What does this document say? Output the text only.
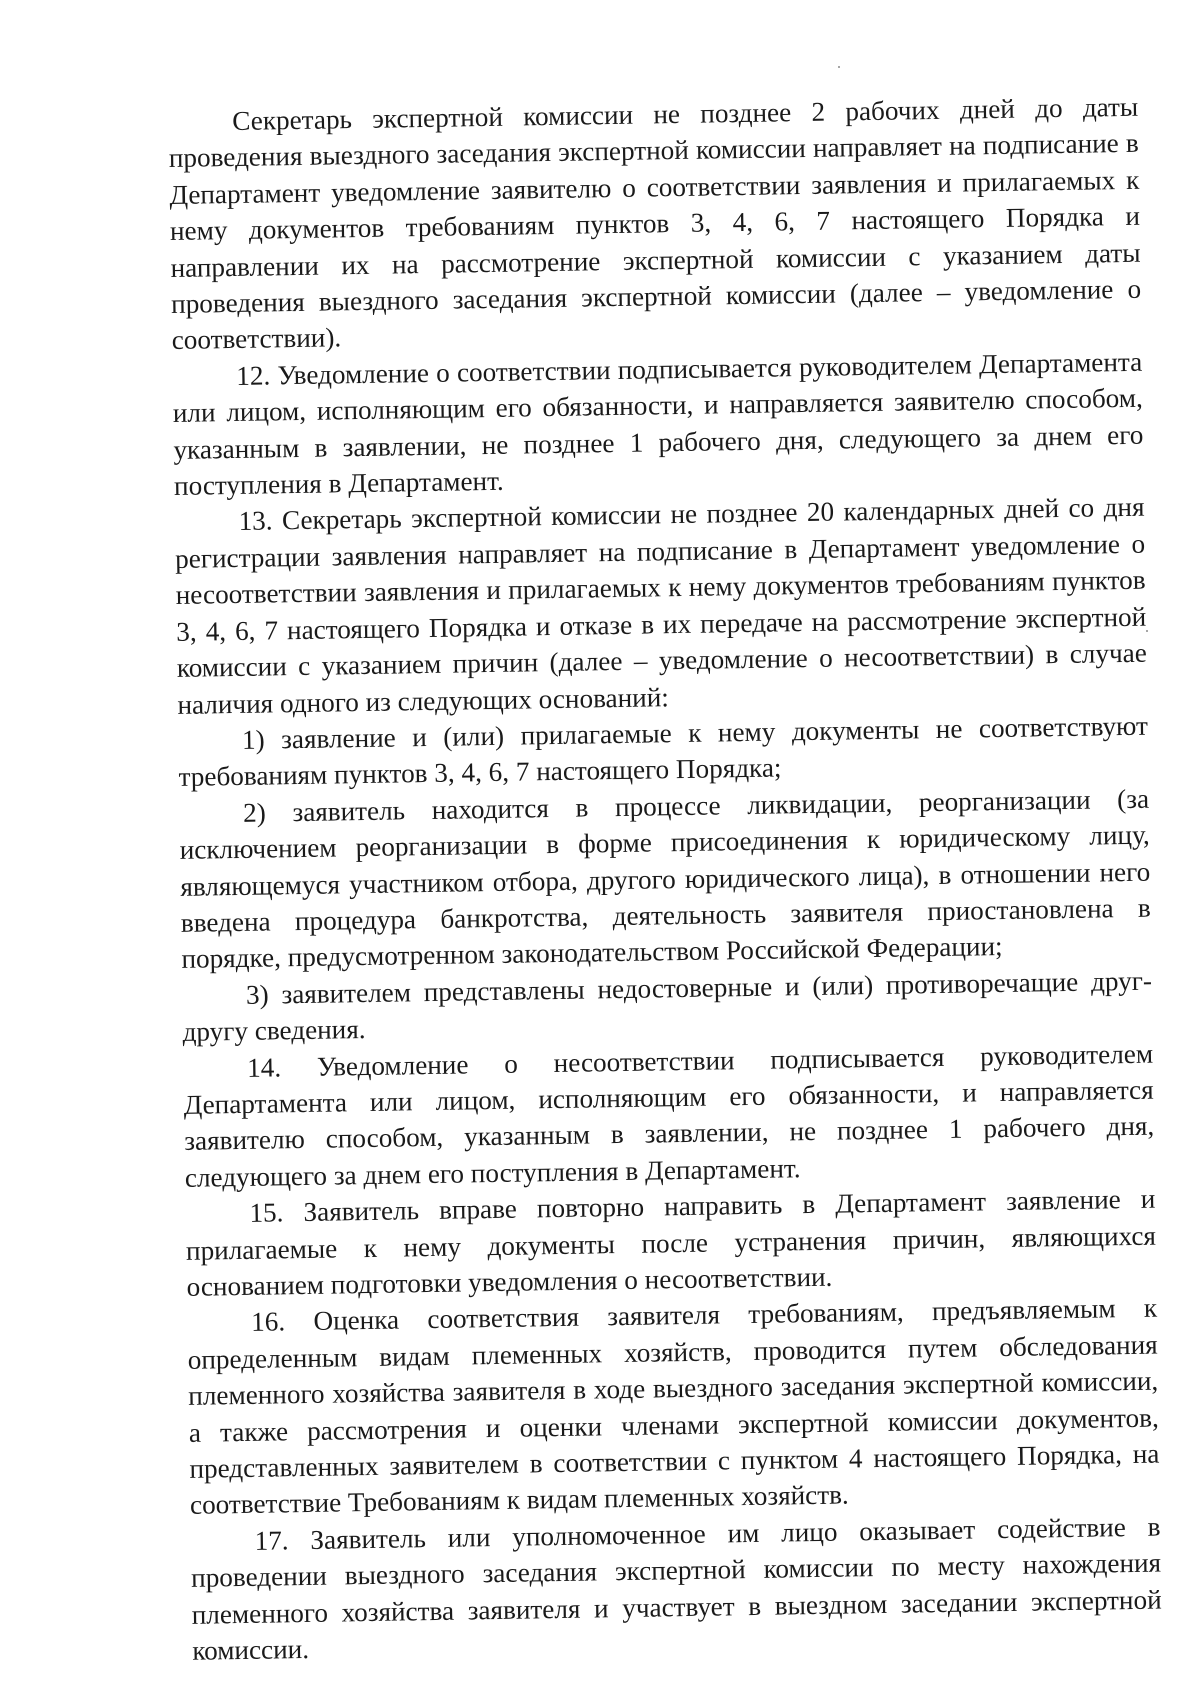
Секретарь экспертной комиссии не позднее 2 рабочих дней до даты проведения выездного заседания экспертной комиссии направляет на подписание в Департамент уведомление заявителю о соответствии заявления и прилагаемых к нему документов требованиям пунктов 3, 4, 6, 7 настоящего Порядка и направлении их на рассмотрение экспертной комиссии с указанием даты проведения выездного заседания экспертной комиссии (далее – уведомление о соответствии).

12. Уведомление о соответствии подписывается руководителем Департамента или лицом, исполняющим его обязанности, и направляется заявителю способом, указанным в заявлении, не позднее 1 рабочего дня, следующего за днем его поступления в Департамент.

13. Секретарь экспертной комиссии не позднее 20 календарных дней со дня регистрации заявления направляет на подписание в Департамент уведомление о несоответствии заявления и прилагаемых к нему документов требованиям пунктов 3, 4, 6, 7 настоящего Порядка и отказе в их передаче на рассмотрение экспертной комиссии с указанием причин (далее – уведомление о несоответствии) в случае наличия одного из следующих оснований:

1) заявление и (или) прилагаемые к нему документы не соответствуют требованиям пунктов 3, 4, 6, 7 настоящего Порядка;

2) заявитель находится в процессе ликвидации, реорганизации (за исключением реорганизации в форме присоединения к юридическому лицу, являющемуся участником отбора, другого юридического лица), в отношении него введена процедура банкротства, деятельность заявителя приостановлена в порядке, предусмотренном законодательством Российской Федерации;

3) заявителем представлены недостоверные и (или) противоречащие друг-другу сведения.

14. Уведомление о несоответствии подписывается руководителем Департамента или лицом, исполняющим его обязанности, и направляется заявителю способом, указанным в заявлении, не позднее 1 рабочего дня, следующего за днем его поступления в Департамент.

15. Заявитель вправе повторно направить в Департамент заявление и прилагаемые к нему документы после устранения причин, являющихся основанием подготовки уведомления о несоответствии.

16. Оценка соответствия заявителя требованиям, предъявляемым к определенным видам племенных хозяйств, проводится путем обследования племенного хозяйства заявителя в ходе выездного заседания экспертной комиссии, а также рассмотрения и оценки членами экспертной комиссии документов, представленных заявителем в соответствии с пунктом 4 настоящего Порядка, на соответствие Требованиям к видам племенных хозяйств.

17. Заявитель или уполномоченное им лицо оказывает содействие в проведении выездного заседания экспертной комиссии по месту нахождения племенного хозяйства заявителя и участвует в выездном заседании экспертной комиссии.
